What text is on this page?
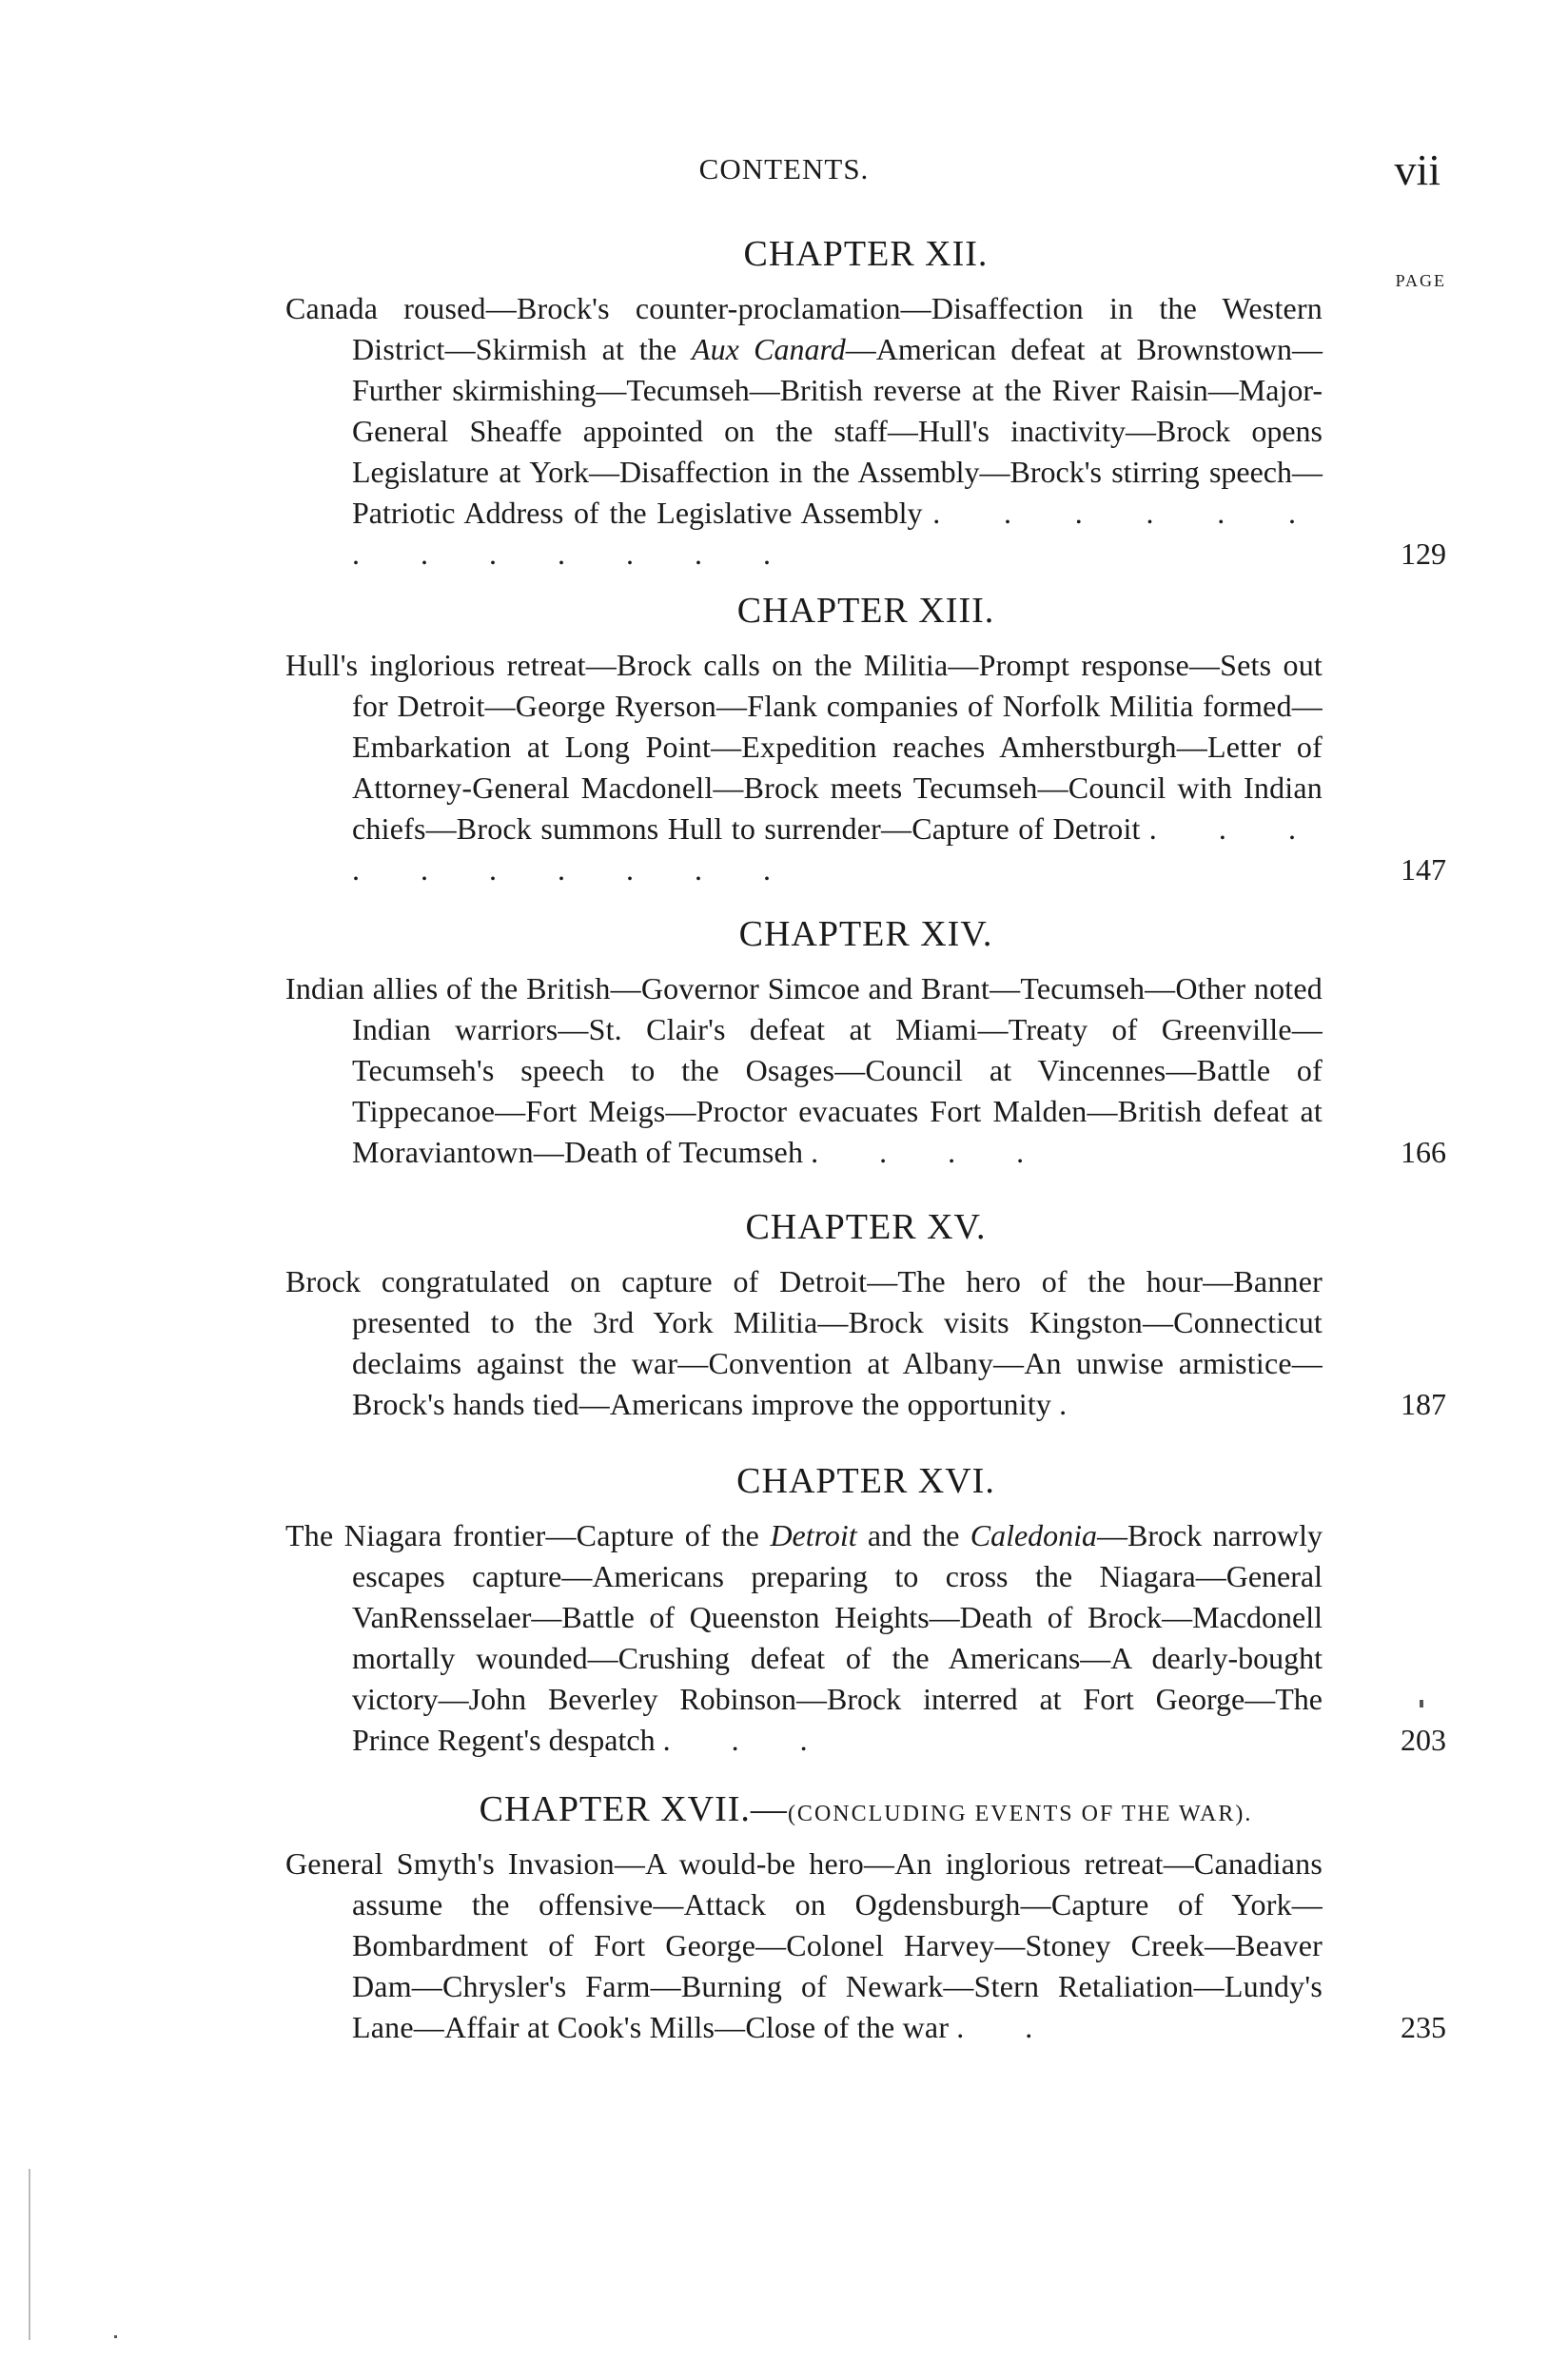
CONTENTS.	vii
CHAPTER XII.
PAGE
Canada roused—Brock's counter-proclamation—Disaffection in the Western District—Skirmish at the Aux Canard—American defeat at Brownstown—Further skirmishing—Tecumseh—British reverse at the River Raisin—Major-General Sheaffe appointed on the staff—Hull's inactivity—Brock opens Legislature at York—Disaffection in the Assembly—Brock's stirring speech—Patriotic Address of the Legislative Assembly . . . . . . . . . . . . .	129
CHAPTER XIII.
Hull's inglorious retreat—Brock calls on the Militia—Prompt response—Sets out for Detroit—George Ryerson—Flank companies of Norfolk Militia formed—Embarkation at Long Point—Expedition reaches Amherstburgh—Letter of Attorney-General Macdonell—Brock meets Tecumseh—Council with Indian chiefs—Brock summons Hull to surrender—Capture of Detroit . . . . . . . . . .	147
CHAPTER XIV.
Indian allies of the British—Governor Simcoe and Brant—Tecumseh—Other noted Indian warriors—St. Clair's defeat at Miami—Treaty of Greenville—Tecumseh's speech to the Osages—Council at Vincennes—Battle of Tippecanoe—Fort Meigs—Proctor evacuates Fort Malden—British defeat at Moraviantown—Death of Tecumseh . . . .	166
CHAPTER XV.
Brock congratulated on capture of Detroit—The hero of the hour—Banner presented to the 3rd York Militia—Brock visits Kingston—Connecticut declaims against the war—Convention at Albany—An unwise armistice—Brock's hands tied—Americans improve the opportunity .	187
CHAPTER XVI.
The Niagara frontier—Capture of the Detroit and the Caledonia—Brock narrowly escapes capture—Americans preparing to cross the Niagara—General VanRensselaer—Battle of Queenston Heights—Death of Brock—Macdonell mortally wounded—Crushing defeat of the Americans—A dearly-bought victory—John Beverley Robinson—Brock interred at Fort George—The Prince Regent's despatch . . .	203
CHAPTER XVII.—(CONCLUDING EVENTS OF THE WAR).
General Smyth's Invasion—A would-be hero—An inglorious retreat—Canadians assume the offensive—Attack on Ogdensburgh—Capture of York—Bombardment of Fort George—Colonel Harvey—Stoney Creek—Beaver Dam—Chrysler's Farm—Burning of Newark—Stern Retaliation—Lundy's Lane—Affair at Cook's Mills—Close of the war . .	235
